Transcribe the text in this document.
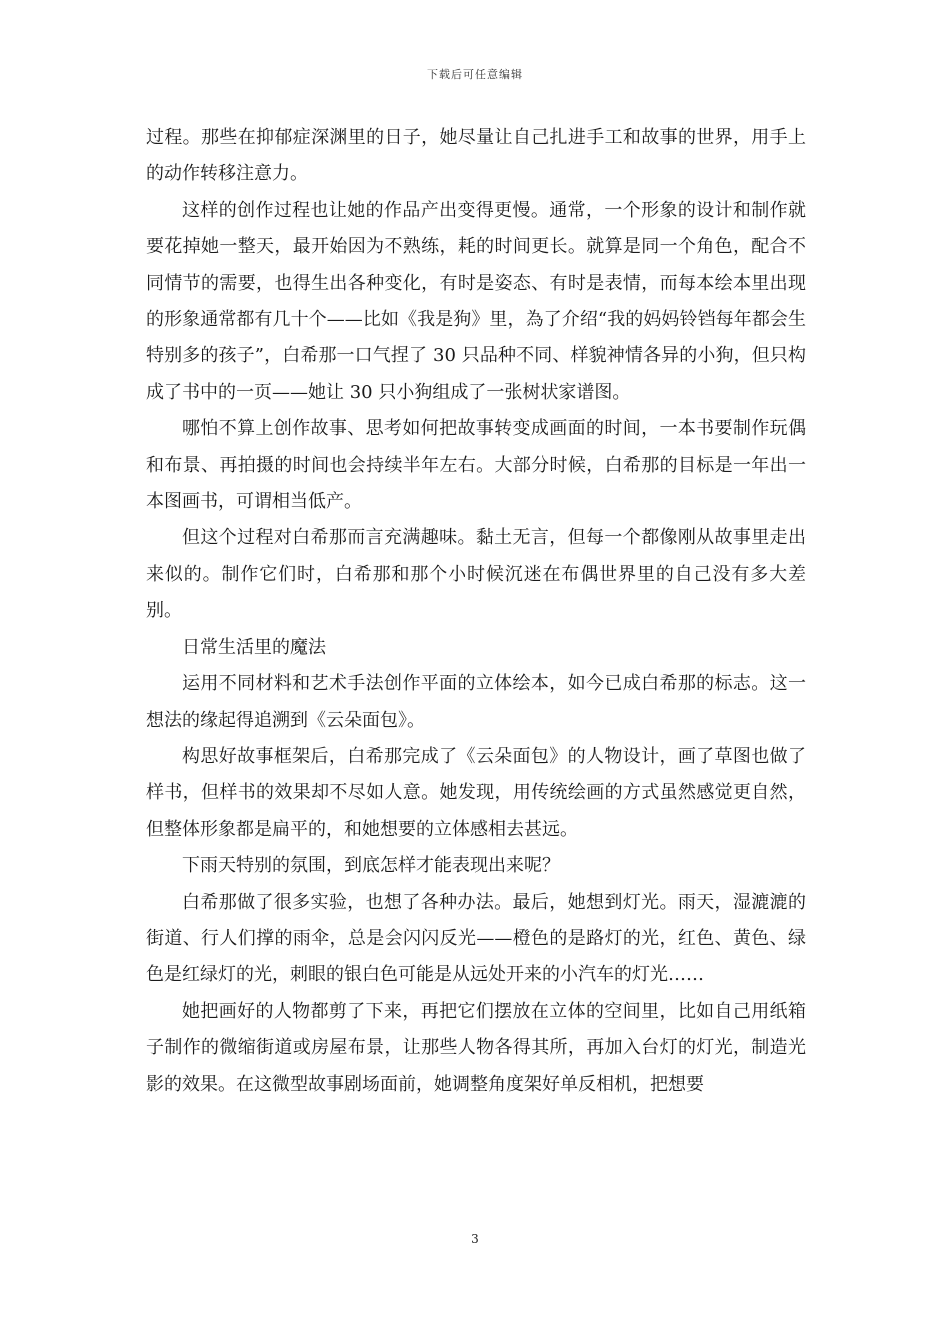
下载后可任意编辑

过程。那些在抑郁症深渊里的日子，她尽量让自己扎进手工和故事的世界，用手上的动作转移注意力。

这样的创作过程也让她的作品产出变得更慢。通常，一个形象的设计和制作就要花掉她一整天，最开始因为不熟练，耗的时间更长。就算是同一个角色，配合不同情节的需要，也得生出各种变化，有时是姿态、有时是表情，而每本绘本里出现的形象通常都有几十个——比如《我是狗》里，為了介绍“我的妈妈铃铛每年都会生特别多的孩子”，白希那一口气捏了 30 只品种不同、样貌神情各异的小狗，但只构成了书中的一页——她让 30 只小狗组成了一张树状家谱图。

哪怕不算上创作故事、思考如何把故事转变成画面的时间，一本书要制作玩偶和布景、再拍摄的时间也会持续半年左右。大部分时候，白希那的目标是一年出一本图画书，可谓相当低产。

但这个过程对白希那而言充满趣味。黏土无言，但每一个都像刚从故事里走出来似的。制作它们时，白希那和那个小时候沉迷在布偶世界里的自己没有多大差别。

日常生活里的魔法

运用不同材料和艺术手法创作平面的立体绘本，如今已成白希那的标志。这一想法的缘起得追溯到《云朵面包》。

构思好故事框架后，白希那完成了《云朵面包》的人物设计，画了草图也做了样书，但样书的效果却不尽如人意。她发现，用传统绘画的方式虽然感觉更自然，但整体形象都是扁平的，和她想要的立体感相去甚远。

下雨天特别的氛围，到底怎样才能表现出来呢？

白希那做了很多实验，也想了各种办法。最后，她想到灯光。雨天，湿漉漉的街道、行人们撑的雨伞，总是会闪闪反光——橙色的是路灯的光，红色、黄色、绿色是红绿灯的光，刺眼的银白色可能是从远处开来的小汽车的灯光……

她把画好的人物都剪了下来，再把它们摆放在立体的空间里，比如自己用纸箱子制作的微缩街道或房屋布景，让那些人物各得其所，再加入台灯的灯光，制造光影的效果。在这微型故事剧场面前，她调整角度架好单反相机，把想要

3
